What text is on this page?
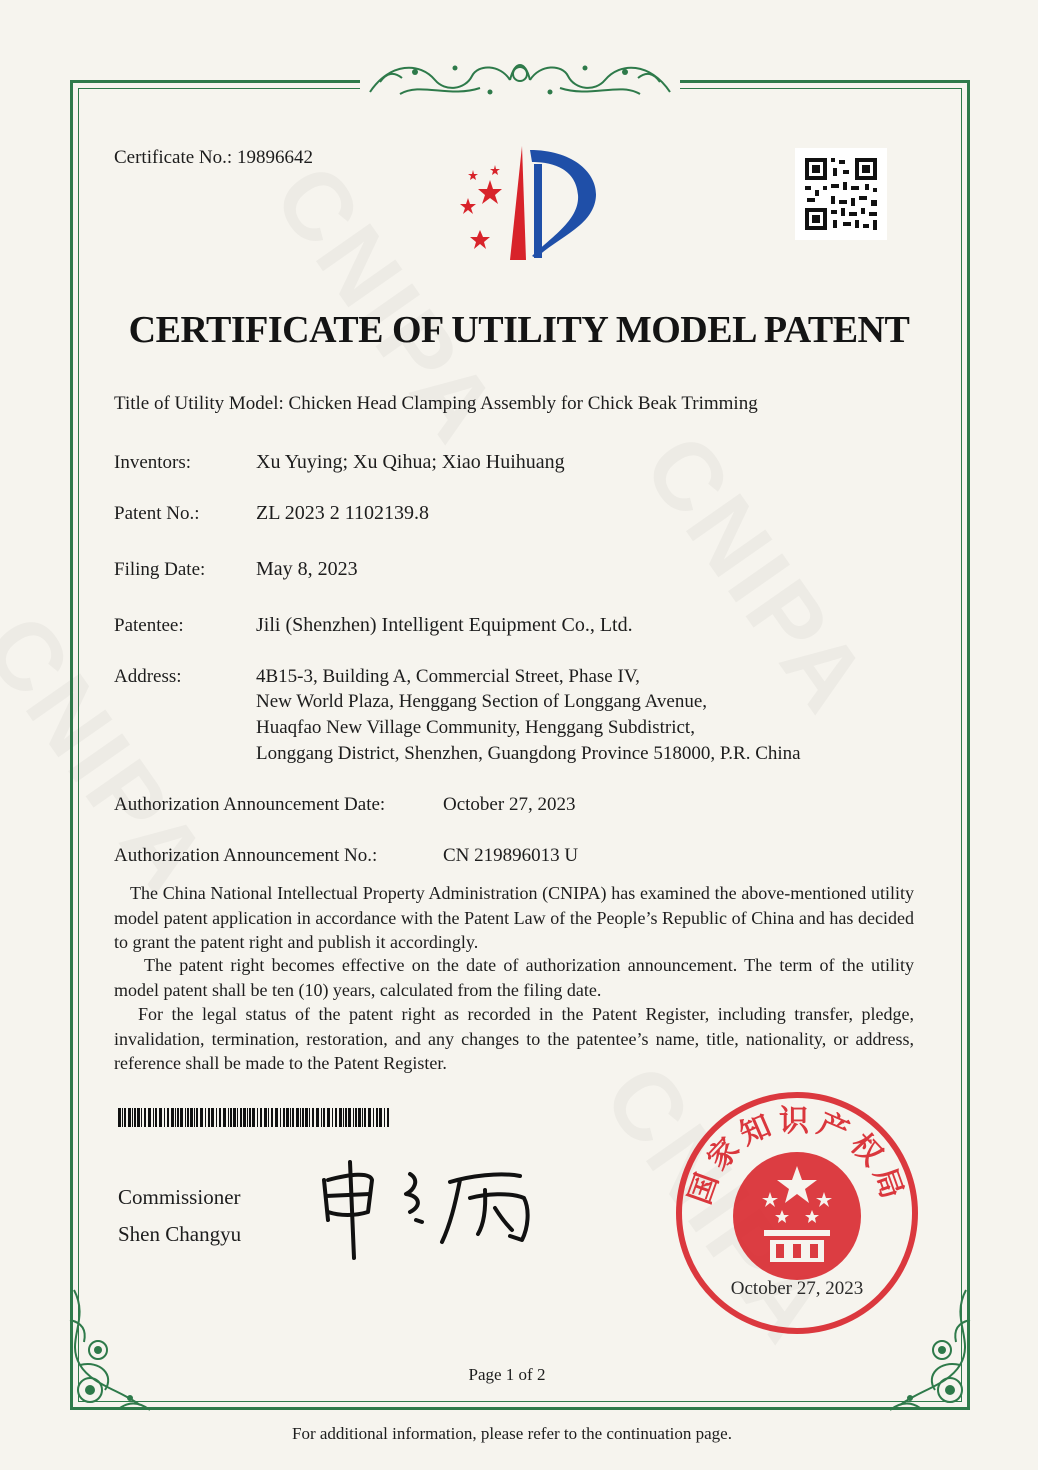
Certificate No.: 19896642
CERTIFICATE OF UTILITY MODEL PATENT
Title of Utility Model: Chicken Head Clamping Assembly for Chick Beak Trimming
Inventors:	Xu Yuying; Xu Qihua; Xiao Huihuang
Patent No.:	ZL 2023 2 1102139.8
Filing Date:	May 8, 2023
Patentee:	Jili (Shenzhen) Intelligent Equipment Co., Ltd.
Address:	4B15-3, Building A, Commercial Street, Phase IV,
New World Plaza, Henggang Section of Longgang Avenue,
Huaqfao New Village Community, Henggang Subdistrict,
Longgang District, Shenzhen, Guangdong Province 518000, P.R. China
Authorization Announcement Date:	October 27, 2023
Authorization Announcement No.:	CN 219896013 U
The China National Intellectual Property Administration (CNIPA) has examined the above-mentioned utility model patent application in accordance with the Patent Law of the People’s Republic of China and has decided to grant the patent right and publish it accordingly.
The patent right becomes effective on the date of authorization announcement. The term of the utility model patent shall be ten (10) years, calculated from the filing date.
For the legal status of the patent right as recorded in the Patent Register, including transfer, pledge, invalidation, termination, restoration, and any changes to the patentee’s name, title, nationality, or address, reference shall be made to the Patent Register.
Commissioner
Shen Changyu
国家知识产权局
October 27, 2023
Page 1 of 2
For additional information, please refer to the continuation page.
